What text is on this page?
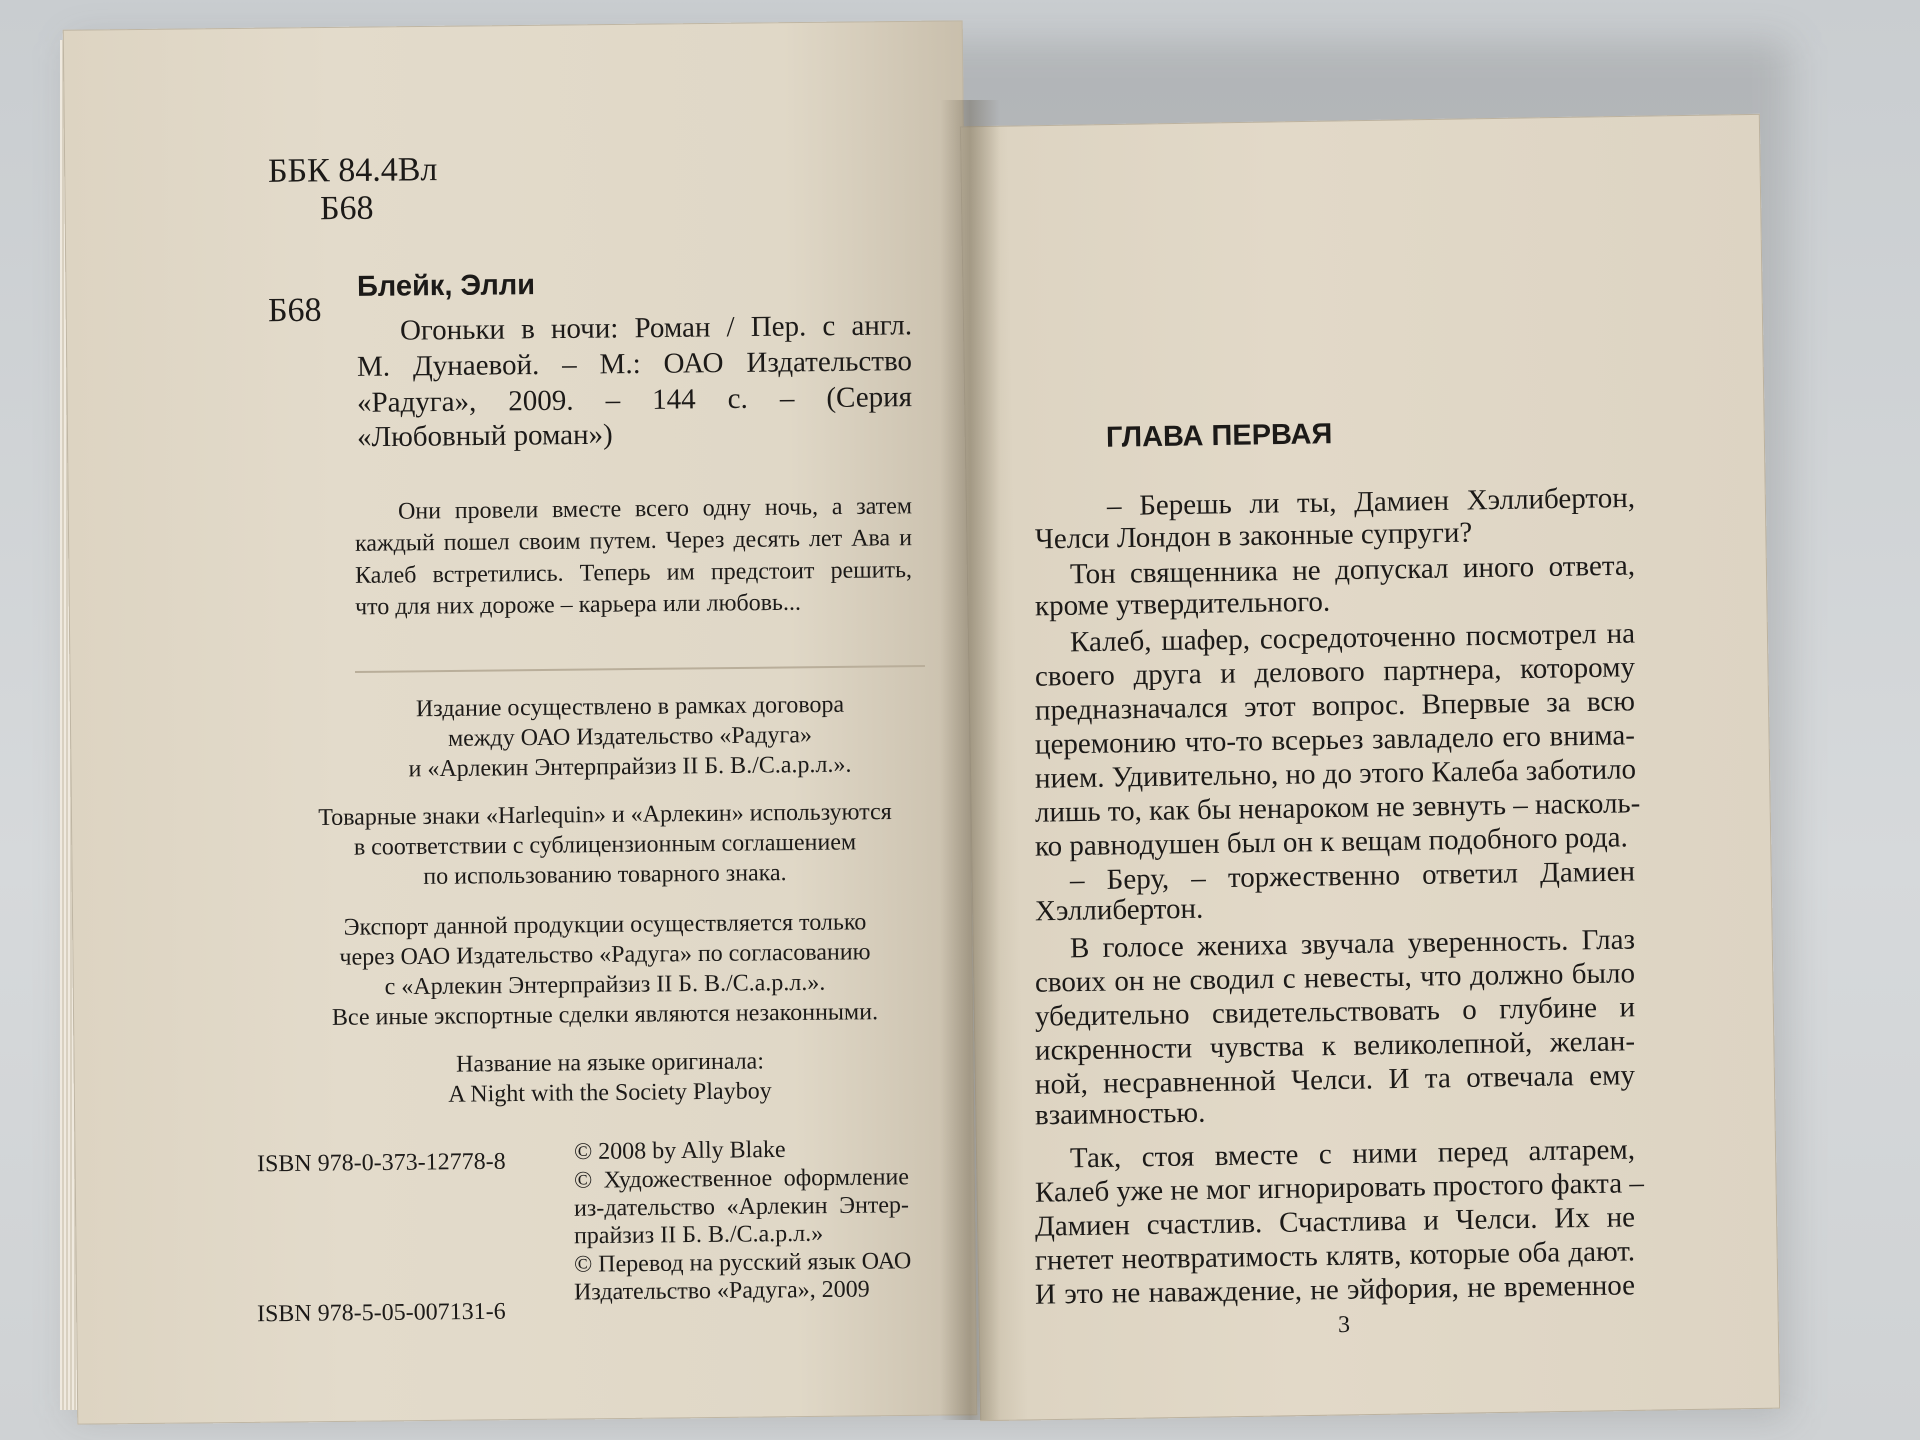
ББК 84.4Вл
Б68
Б68
Блейк, Элли
Огоньки в ночи: Роман / Пер. с англ.
М. Дунаевой. – М.: ОАО Издательство
«Радуга», 2009. – 144 с. – (Серия
«Любовный роман»)
Они провели вместе всего одну ночь, а затем
каждый пошел своим путем. Через десять лет Ава и
Калеб встретились. Теперь им предстоит решить,
что для них дороже – карьера или любовь...
Издание осуществлено в рамках договора
между ОАО Издательство «Радуга»
и «Арлекин Энтерпрайзиз II Б. В./С.а.р.л.».
Товарные знаки «Harlequin» и «Арлекин» используются
в соответствии с сублицензионным соглашением
по использованию товарного знака.
Экспорт данной продукции осуществляется только
через ОАО Издательство «Радуга» по согласованию
с «Арлекин Энтерпрайзиз II Б. В./С.а.р.л.».
Все иные экспортные сделки являются незаконными.
Название на языке оригинала:
A Night with the Society Playboy
ISBN 978-0-373-12778-8
ISBN 978-5-05-007131-6
© 2008 by Ally Blake
© Художественное оформление
из-дательство «Арлекин Энтер-
прайзиз II Б. В./С.а.р.л.»
© Перевод на русский язык ОАО
Издательство «Радуга», 2009
ГЛАВА ПЕРВАЯ
– Берешь ли ты, Дамиен Хэллибертон,
Челси Лондон в законные супруги?
Тон священника не допускал иного ответа,
кроме утвердительного.
Калеб, шафер, сосредоточенно посмотрел на
своего друга и делового партнера, которому
предназначался этот вопрос. Впервые за всю
церемонию что-то всерьез завладело его внима-
нием. Удивительно, но до этого Калеба заботило
лишь то, как бы ненароком не зевнуть – насколь-
ко равнодушен был он к вещам подобного рода.
– Беру, – торжественно ответил Дамиен
Хэллибертон.
В голосе жениха звучала уверенность. Глаз
своих он не сводил с невесты, что должно было
убедительно свидетельствовать о глубине и
искренности чувства к великолепной, желан-
ной, несравненной Челси. И та отвечала ему
взаимностью.
Так, стоя вместе с ними перед алтарем,
Калеб уже не мог игнорировать простого факта –
Дамиен счастлив. Счастлива и Челси. Их не
гнетет неотвратимость клятв, которые оба дают.
И это не наваждение, не эйфория, не временное
3
